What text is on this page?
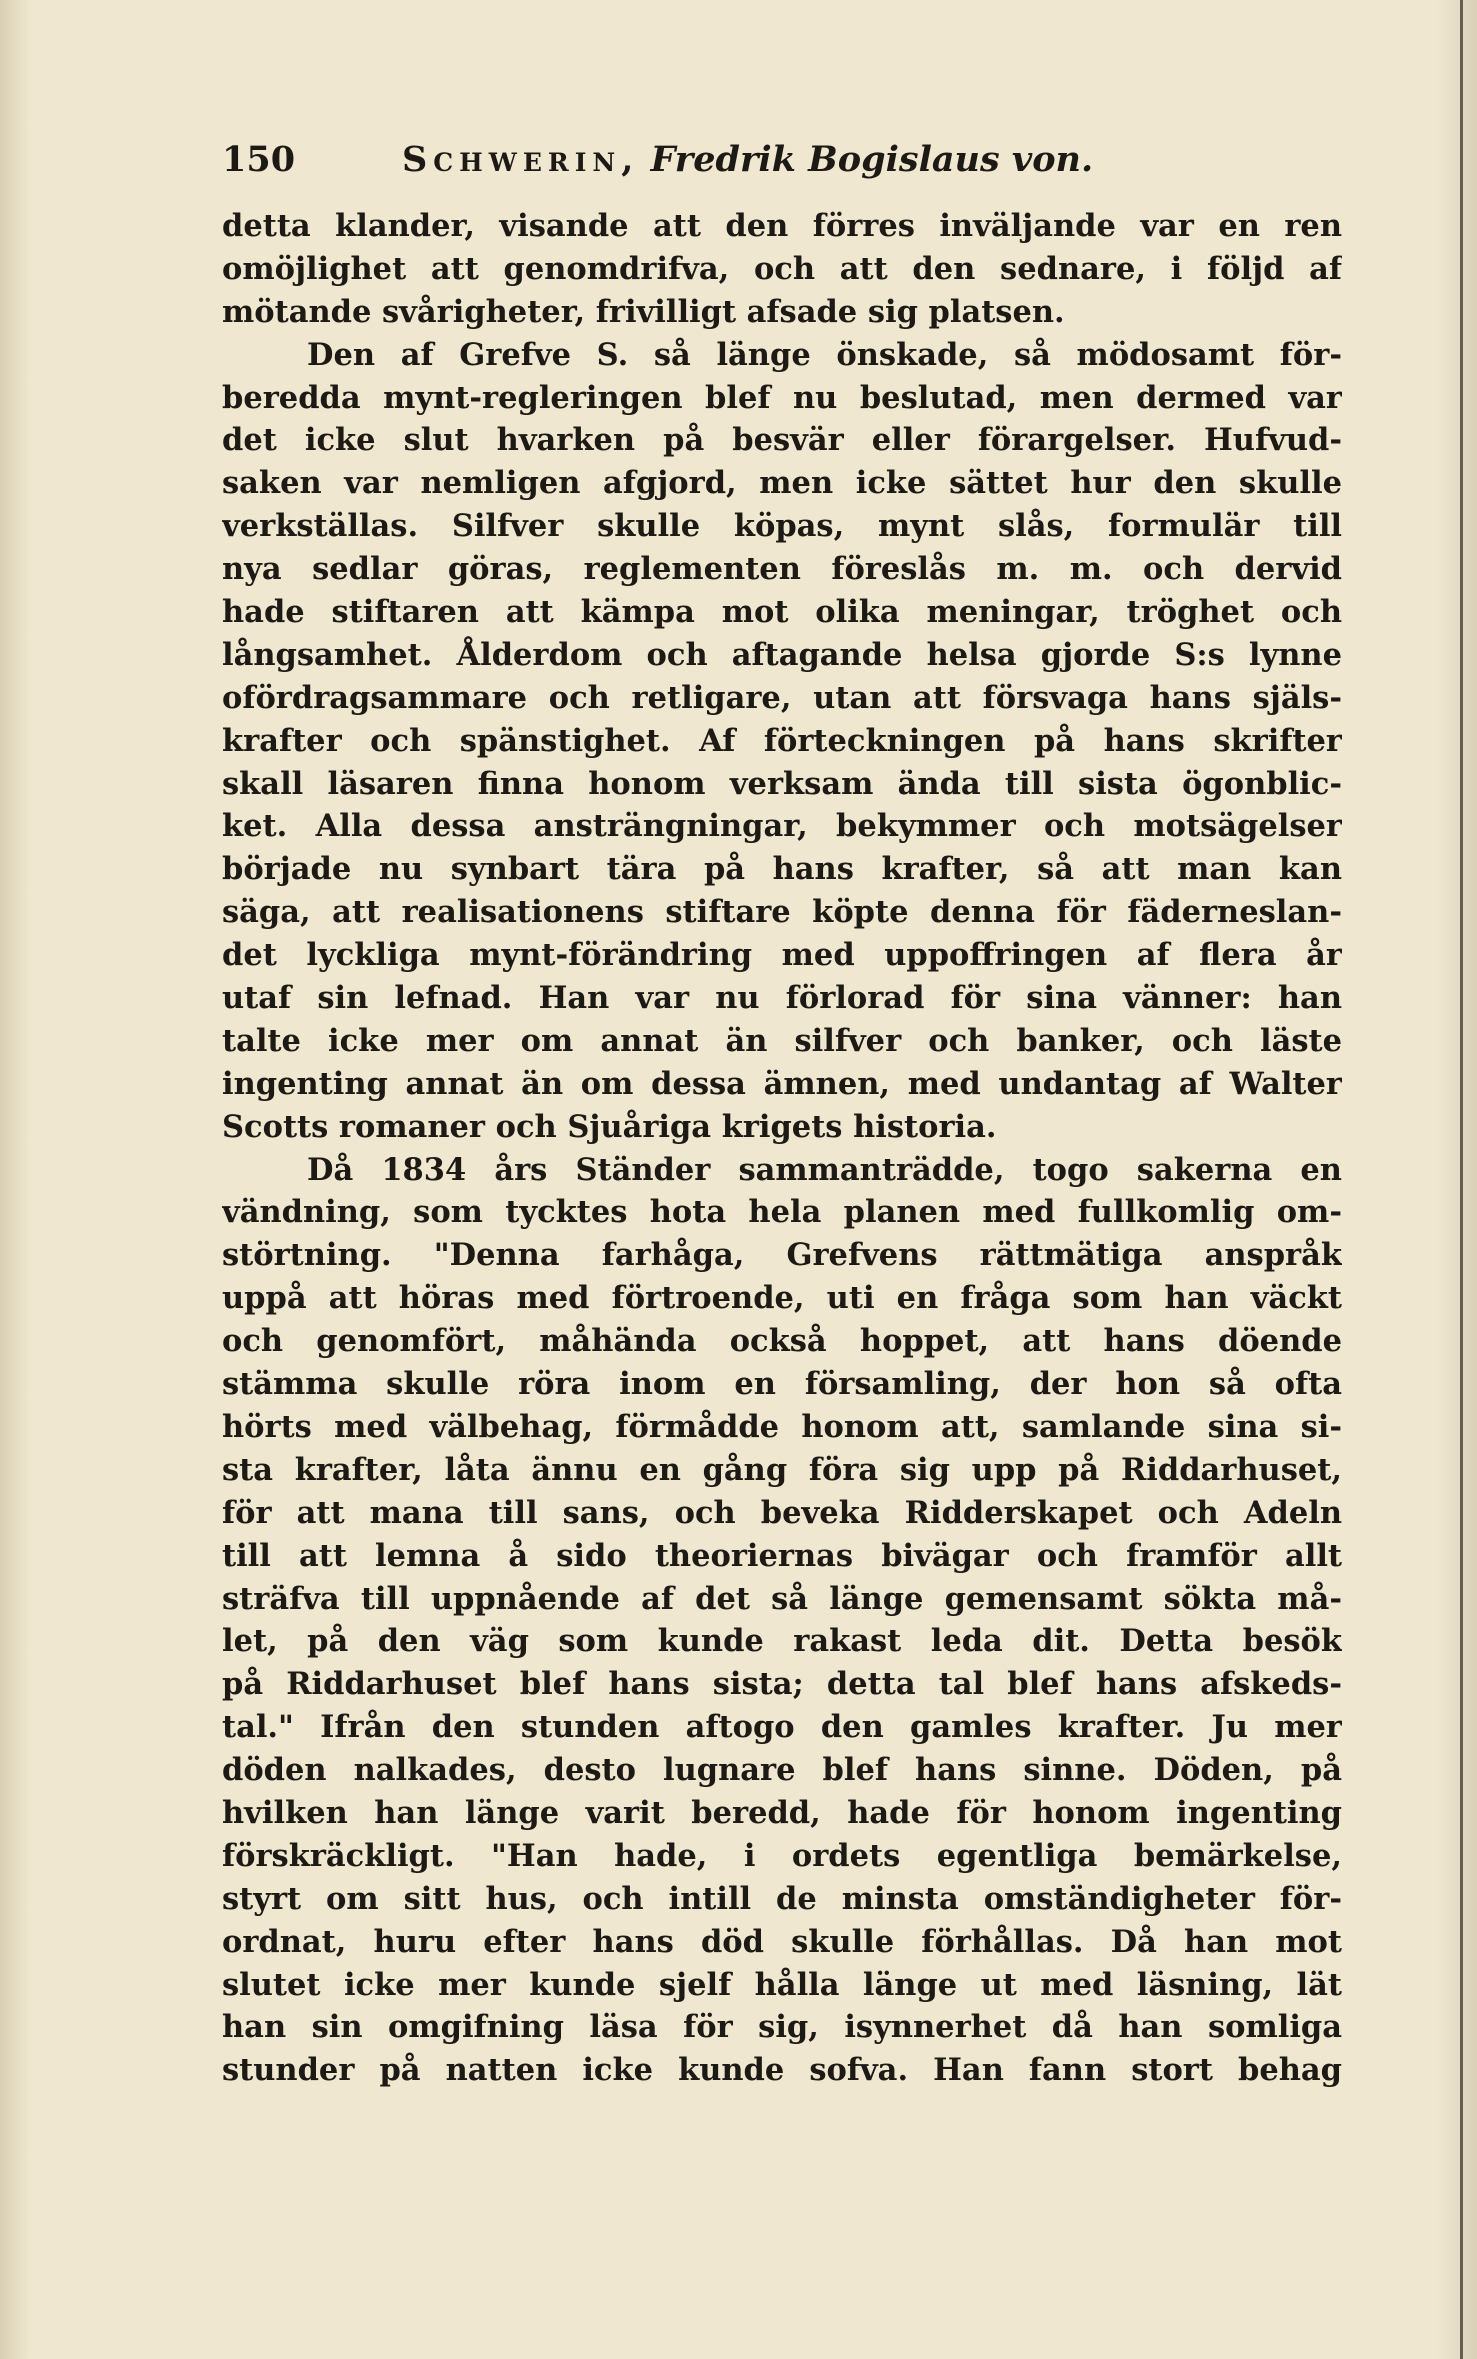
150	Schwerin, Fredrik Bogislaus von.
detta klander, visande att den förres inväljande var en ren
omöjlighet att genomdrifva, och att den sednare, i följd af
mötande svårigheter, frivilligt afsade sig platsen.
Den af Grefve S. så länge önskade, så mödosamt för-
beredda mynt-regleringen blef nu beslutad, men dermed var
det icke slut hvarken på besvär eller förargelser. Hufvud-
saken var nemligen afgjord, men icke sättet hur den skulle
verkställas. Silfver skulle köpas, mynt slås, formulär till
nya sedlar göras, reglementen föreslås m. m. och dervid
hade stiftaren att kämpa mot olika meningar, tröghet och
långsamhet. Ålderdom och aftagande helsa gjorde S:s lynne
ofördragsammare och retligare, utan att försvaga hans själs-
krafter och spänstighet. Af förteckningen på hans skrifter
skall läsaren finna honom verksam ända till sista ögonblic-
ket. Alla dessa ansträngningar, bekymmer och motsägelser
började nu synbart tära på hans krafter, så att man kan
säga, att realisationens stiftare köpte denna för fäderneslan-
det lyckliga mynt-förändring med uppoffringen af flera år
utaf sin lefnad. Han var nu förlorad för sina vänner: han
talte icke mer om annat än silfver och banker, och läste
ingenting annat än om dessa ämnen, med undantag af Walter
Scotts romaner och Sjuåriga krigets historia.
Då 1834 års Ständer sammanträdde, togo sakerna en
vändning, som tycktes hota hela planen med fullkomlig om-
störtning. "Denna farhåga, Grefvens rättmätiga anspråk
uppå att höras med förtroende, uti en fråga som han väckt
och genomfört, måhända också hoppet, att hans döende
stämma skulle röra inom en församling, der hon så ofta
hörts med välbehag, förmådde honom att, samlande sina si-
sta krafter, låta ännu en gång föra sig upp på Riddarhuset,
för att mana till sans, och beveka Ridderskapet och Adeln
till att lemna å sido theoriernas bivägar och framför allt
sträfva till uppnående af det så länge gemensamt sökta må-
let, på den väg som kunde rakast leda dit. Detta besök
på Riddarhuset blef hans sista; detta tal blef hans afskeds-
tal." Ifrån den stunden aftogo den gamles krafter. Ju mer
döden nalkades, desto lugnare blef hans sinne. Döden, på
hvilken han länge varit beredd, hade för honom ingenting
förskräckligt. "Han hade, i ordets egentliga bemärkelse,
styrt om sitt hus, och intill de minsta omständigheter för-
ordnat, huru efter hans död skulle förhållas. Då han mot
slutet icke mer kunde sjelf hålla länge ut med läsning, lät
han sin omgifning läsa för sig, isynnerhet då han somliga
stunder på natten icke kunde sofva. Han fann stort behag
